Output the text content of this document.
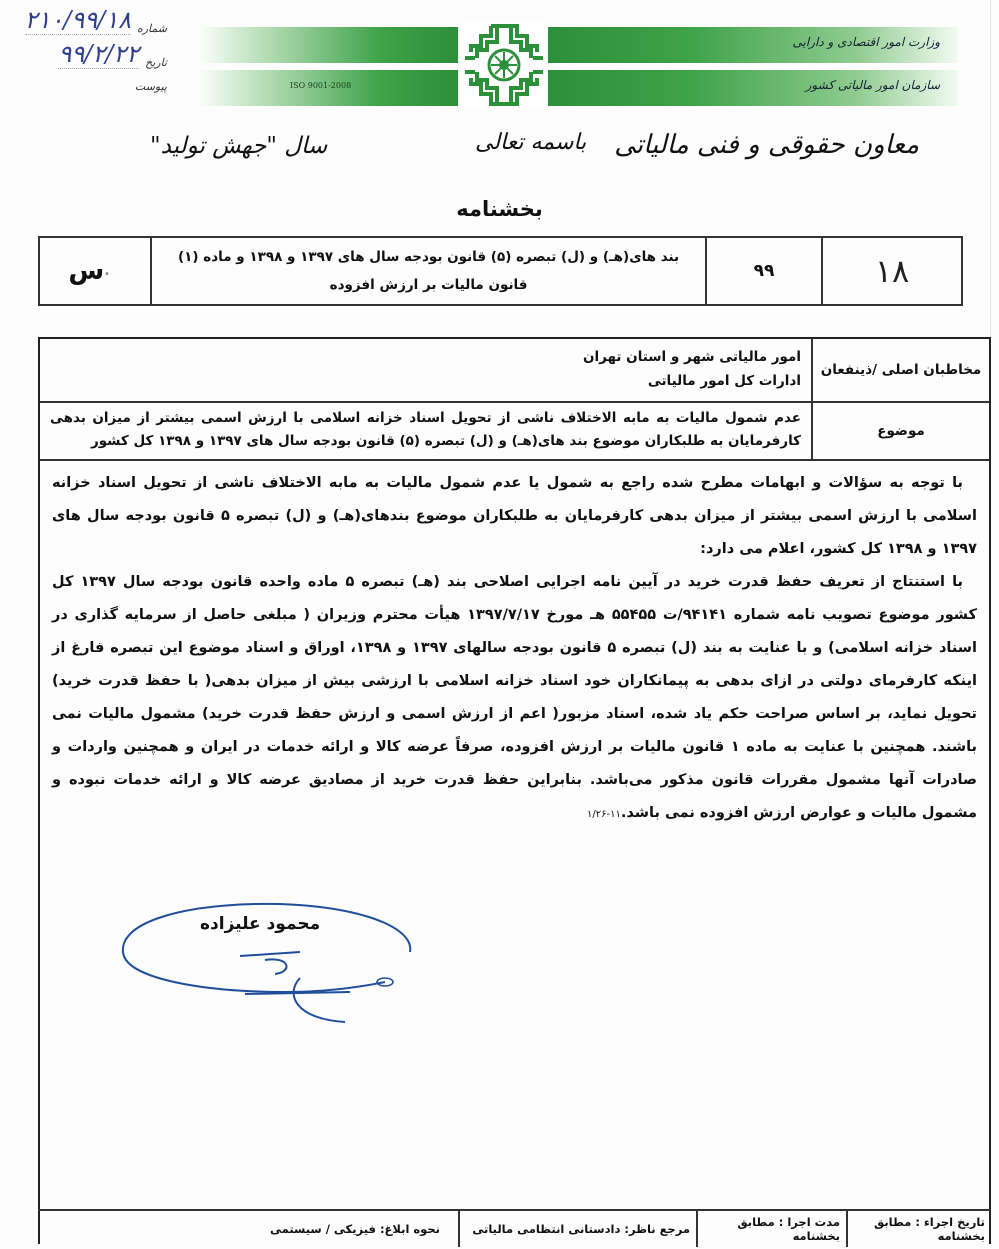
شماره
۲۱۰/۹۹/۱۸
تاریخ
۹۹/۲/۲۲
پیوست	ISO 9001-2008
وزارت امور اقتصادی و دارایی
سازمان امور مالیاتی کشور
معاون حقوقی و فنی مالیاتی
باسمه تعالی
سال "جهش تولید"
بخشنامه
۱۸
۹۹
بند های(هـ) و (ل) تبصره (۵) قانون بودجه سال های ۱۳۹۷ و ۱۳۹۸ و ماده (۱)
قانون مالیات بر ارزش افزوده
س .
مخاطبان اصلی /ذینفعان
امور مالیاتی شهر و استان تهران
ادارات کل امور مالیاتی
موضوع
عدم شمول مالیات به مابه الاختلاف ناشی از تحویل اسناد خزانه اسلامی با ارزش اسمی بیشتر از میزان بدهی کارفرمایان به طلبکاران موضوع بند های(هـ) و (ل) تبصره (۵) قانون بودجه سال های ۱۳۹۷ و ۱۳۹۸ کل کشور

با توجه به سؤالات و ابهامات مطرح شده راجع به شمول یا عدم شمول مالیات به مابه الاختلاف ناشی از تحویل اسناد خزانه اسلامی با ارزش اسمی بیشتر از میزان بدهی کارفرمایان به طلبکاران موضوع بندهای(هـ) و (ل) تبصره ۵ قانون بودجه سال های ۱۳۹۷ و ۱۳۹۸ کل کشور، اعلام می دارد:

با استنتاج از تعریف حفظ قدرت خرید در آیین نامه اجرایی اصلاحی بند (هـ) تبصره ۵ ماده واحده قانون بودجه سال ۱۳۹۷ کل کشور موضوع تصویب نامه شماره ۹۴۱۴۱/ت ۵۵۴۵۵ هـ مورخ ۱۳۹۷/۷/۱۷ هیأت محترم وزیران ( مبلغی حاصل از سرمایه گذاری در اسناد خزانه اسلامی) و با عنایت به بند (ل) تبصره ۵ قانون بودجه سالهای ۱۳۹۷ و ۱۳۹۸، اوراق و اسناد موضوع این تبصره فارغ از اینکه کارفرمای دولتی در ازای بدهی به پیمانکاران خود اسناد خزانه اسلامی با ارزشی بیش از میزان بدهی( با حفظ قدرت خرید) تحویل نماید، بر اساس صراحت حکم یاد شده، اسناد مزبور( اعم از ارزش اسمی و ارزش حفظ قدرت خرید) مشمول مالیات نمی باشند. همچنین با عنایت به ماده ۱ قانون مالیات بر ارزش افزوده، صرفاً عرضه کالا و ارائه خدمات در ایران و همچنین واردات و صادرات آنها مشمول مقررات قانون مذکور می‌باشد. بنابراین حفظ قدرت خرید از مصادیق عرضه کالا و ارائه خدمات نبوده و مشمول مالیات و عوارض ارزش افزوده نمی باشد.۱۱-۱/۲۶

محمود علیزاده
تاریخ اجراء : مطابق بخشنامه
مدت اجرا : مطابق بخشنامه
مرجع ناظر: دادستانی انتظامی مالیاتی
نحوه ابلاغ: فیزیکی / سیستمی
